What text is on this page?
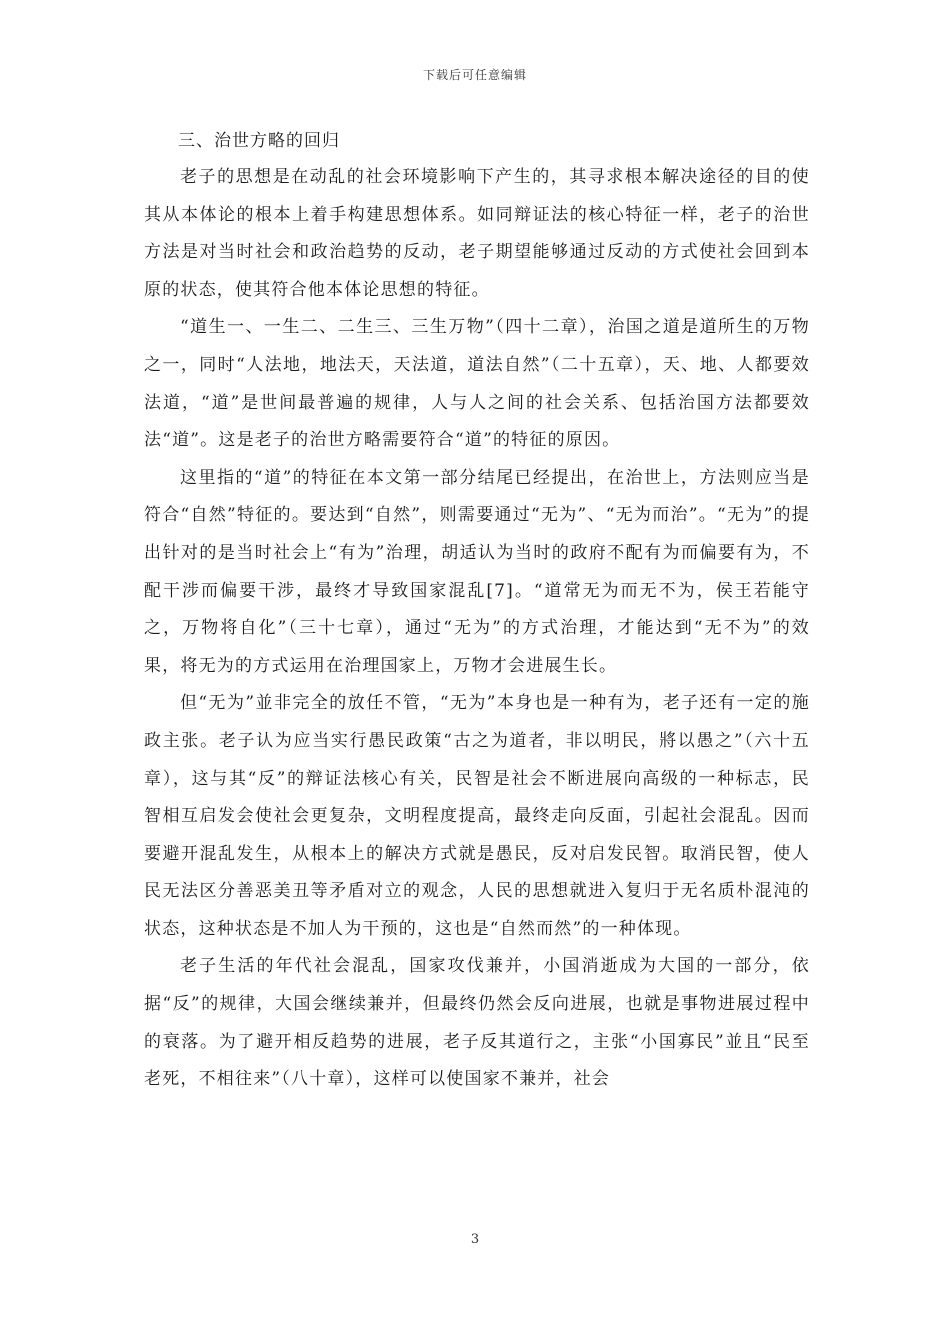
下载后可任意编辑

三、治世方略的回归

老子的思想是在动乱的社会环境影响下产生的，其寻求根本解决途径的目的使其从本体论的根本上着手构建思想体系。如同辩证法的核心特征一样，老子的治世方法是对当时社会和政治趋势的反动，老子期望能够通过反动的方式使社会回到本原的状态，使其符合他本体论思想的特征。

“道生一、一生二、二生三、三生万物”（四十二章），治国之道是道所生的万物之一，同时“人法地，地法天，天法道，道法自然”（二十五章），天、地、人都要效法道，“道”是世间最普遍的规律，人与人之间的社会关系、包括治国方法都要效法“道”。这是老子的治世方略需要符合“道”的特征的原因。

这里指的“道”的特征在本文第一部分结尾已经提出，在治世上，方法则应当是符合“自然”特征的。要达到“自然”，则需要通过“无为”、“无为而治”。“无为”的提出针对的是当时社会上“有为”治理，胡适认为当时的政府不配有为而偏要有为，不配干涉而偏要干涉，最终才导致国家混乱[7]。“道常无为而无不为，侯王若能守之，万物将自化”（三十七章），通过“无为”的方式治理，才能达到“无不为”的效果，将无为的方式运用在治理国家上，万物才会进展生长。

但“无为”並非完全的放任不管，“无为”本身也是一种有为，老子还有一定的施政主张。老子认为应当实行愚民政策“古之为道者，非以明民，將以愚之”（六十五章），这与其“反”的辩证法核心有关，民智是社会不断进展向高级的一种标志，民智相互启发会使社会更复杂，文明程度提高，最终走向反面，引起社会混乱。因而要避开混乱发生，从根本上的解决方式就是愚民，反对启发民智。取消民智，使人民无法区分善恶美丑等矛盾对立的观念，人民的思想就进入复归于无名质朴混沌的状态，这种状态是不加人为干预的，这也是“自然而然”的一种体现。

老子生活的年代社会混乱，国家攻伐兼并，小国消逝成为大国的一部分，依据“反”的规律，大国会继续兼并，但最终仍然会反向进展，也就是事物进展过程中的衰落。为了避开相反趋势的进展，老子反其道行之，主张“小国寡民”並且“民至老死，不相往来”（八十章），这样可以使国家不兼并，社会

3
